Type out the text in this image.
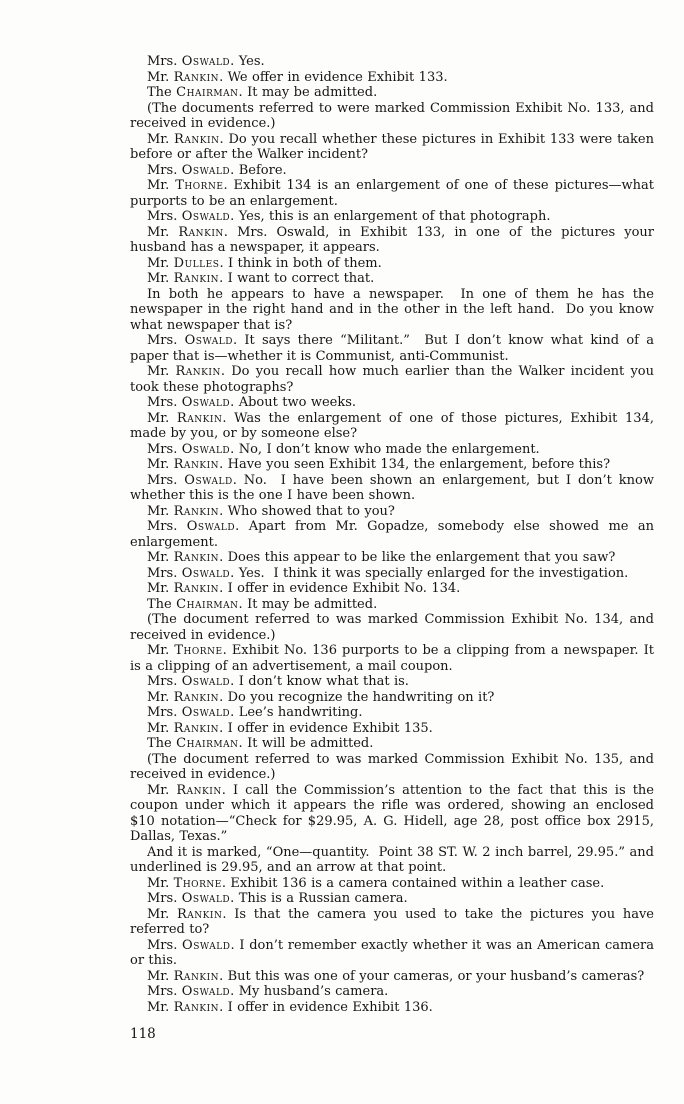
Mrs. Oswald. Yes.

Mr. Rankin. We offer in evidence Exhibit 133.

The Chairman. It may be admitted.

(The documents referred to were marked Commission Exhibit No. 133, and received in evidence.)

Mr. Rankin. Do you recall whether these pictures in Exhibit 133 were taken before or after the Walker incident?

Mrs. Oswald. Before.

Mr. Thorne. Exhibit 134 is an enlargement of one of these pictures—what purports to be an enlargement.

Mrs. Oswald. Yes, this is an enlargement of that photograph.

Mr. Rankin. Mrs. Oswald, in Exhibit 133, in one of the pictures your husband has a newspaper, it appears.

Mr. Dulles. I think in both of them.

Mr. Rankin. I want to correct that.

In both he appears to have a newspaper.  In one of them he has the newspaper in the right hand and in the other in the left hand.  Do you know what newspaper that is?

Mrs. Oswald. It says there “Militant.”  But I don’t know what kind of a paper that is—whether it is Communist, anti-Communist.

Mr. Rankin. Do you recall how much earlier than the Walker incident you took these photographs?

Mrs. Oswald. About two weeks.

Mr. Rankin. Was the enlargement of one of those pictures, Exhibit 134, made by you, or by someone else?

Mrs. Oswald. No, I don’t know who made the enlargement.

Mr. Rankin. Have you seen Exhibit 134, the enlargement, before this?

Mrs. Oswald. No.  I have been shown an enlargement, but I don’t know whether this is the one I have been shown.

Mr. Rankin. Who showed that to you?

Mrs. Oswald. Apart from Mr. Gopadze, somebody else showed me an enlargement.

Mr. Rankin. Does this appear to be like the enlargement that you saw?

Mrs. Oswald. Yes.  I think it was specially enlarged for the investigation.

Mr. Rankin. I offer in evidence Exhibit No. 134.

The Chairman. It may be admitted.

(The document referred to was marked Commission Exhibit No. 134, and received in evidence.)

Mr. Thorne. Exhibit No. 136 purports to be a clipping from a newspaper. It is a clipping of an advertisement, a mail coupon.

Mrs. Oswald. I don’t know what that is.

Mr. Rankin. Do you recognize the handwriting on it?

Mrs. Oswald. Lee’s handwriting.

Mr. Rankin. I offer in evidence Exhibit 135.

The Chairman. It will be admitted.

(The document referred to was marked Commission Exhibit No. 135, and received in evidence.)

Mr. Rankin. I call the Commission’s attention to the fact that this is the coupon under which it appears the rifle was ordered, showing an enclosed $10 notation—“Check for $29.95, A. G. Hidell, age 28, post office box 2915, Dallas, Texas.”

And it is marked, “One—quantity.  Point 38 ST. W. 2 inch barrel, 29.95.” and underlined is 29.95, and an arrow at that point.

Mr. Thorne. Exhibit 136 is a camera contained within a leather case.

Mrs. Oswald. This is a Russian camera.

Mr. Rankin. Is that the camera you used to take the pictures you have referred to?

Mrs. Oswald. I don’t remember exactly whether it was an American camera or this.

Mr. Rankin. But this was one of your cameras, or your husband’s cameras?

Mrs. Oswald. My husband’s camera.

Mr. Rankin. I offer in evidence Exhibit 136.

118
